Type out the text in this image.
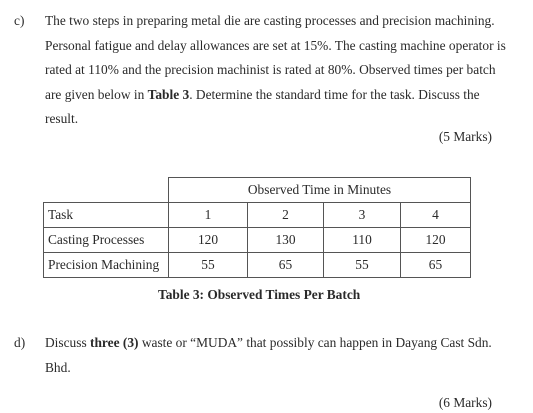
c) The two steps in preparing metal die are casting processes and precision machining. Personal fatigue and delay allowances are set at 15%. The casting machine operator is rated at 110% and the precision machinist is rated at 80%. Observed times per batch are given below in Table 3. Determine the standard time for the task. Discuss the result.
(5 Marks)
	Observed Time in Minutes			
Task	1	2	3	4
Casting Processes	120	130	110	120
Precision Machining	55	65	55	65
Table 3: Observed Times Per Batch
d) Discuss three (3) waste or “MUDA” that possibly can happen in Dayang Cast Sdn. Bhd.
(6 Marks)
